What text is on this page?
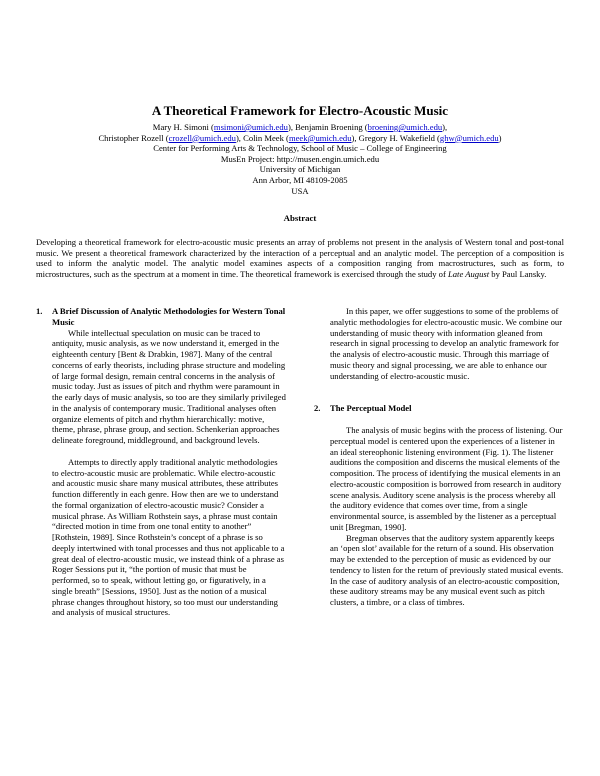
A Theoretical Framework for Electro-Acoustic Music
Mary H. Simoni (msimoni@umich.edu), Benjamin Broening (broening@umich.edu),
Christopher Rozell (crozell@umich.edu), Colin Meek (meek@umich.edu), Gregory H. Wakefield (ghw@umich.edu)
Center for Performing Arts & Technology, School of Music – College of Engineering
MusEn Project: http://musen.engin.umich.edu
University of Michigan
Ann Arbor, MI 48109-2085
USA
Abstract
Developing a theoretical framework for electro-acoustic music presents an array of problems not present in the analysis of Western tonal and post-tonal music. We present a theoretical framework characterized by the interaction of a perceptual and an analytic model. The perception of a composition is used to inform the analytic model. The analytic model examines aspects of a composition ranging from macrostructures, such as form, to microstructures, such as the spectrum at a moment in time. The theoretical framework is exercised through the study of Late August by Paul Lansky.
1.	A Brief Discussion of Analytic Methodologies for Western Tonal Music

While intellectual speculation on music can be traced to antiquity, music analysis, as we now understand it, emerged in the eighteenth century [Bent & Drabkin, 1987]. Many of the central concerns of early theorists, including phrase structure and modeling of large formal design, remain central concerns in the analysis of music today. Just as issues of pitch and rhythm were paramount in the early days of music analysis, so too are they similarly privileged in the analysis of contemporary music. Traditional analyses often organize elements of pitch and rhythm hierarchically: motive, theme, phrase, phrase group, and section. Schenkerian approaches delineate foreground, middleground, and background levels.

Attempts to directly apply traditional analytic methodologies to electro-acoustic music are problematic. While electro-acoustic and acoustic music share many musical attributes, these attributes function differently in each genre. How then are we to understand the formal organization of electro-acoustic music? Consider a musical phrase. As William Rothstein says, a phrase must contain “directed motion in time from one tonal entity to another” [Rothstein, 1989]. Since Rothstein’s concept of a phrase is so deeply intertwined with tonal processes and thus not applicable to a great deal of electro-acoustic music, we instead think of a phrase as Roger Sessions put it, “the portion of music that must be performed, so to speak, without letting go, or figuratively, in a single breath” [Sessions, 1950]. Just as the notion of a musical phrase changes throughout history, so too must our understanding and analysis of musical structures.

In this paper, we offer suggestions to some of the problems of analytic methodologies for electro-acoustic music. We combine our understanding of music theory with information gleaned from research in signal processing to develop an analytic framework for the analysis of electro-acoustic music. Through this marriage of music theory and signal processing, we are able to enhance our understanding of electro-acoustic music.

2.	The Perceptual Model

The analysis of music begins with the process of listening. Our perceptual model is centered upon the experiences of a listener in an ideal stereophonic listening environment (Fig. 1). The listener auditions the composition and discerns the musical elements of the composition. The process of identifying the musical elements in an electro-acoustic composition is borrowed from research in auditory scene analysis. Auditory scene analysis is the process whereby all the auditory evidence that comes over time, from a single environmental source, is assembled by the listener as a perceptual unit [Bregman, 1990].

Bregman observes that the auditory system apparently keeps an ‘open slot’ available for the return of a sound. His observation may be extended to the perception of music as evidenced by our tendency to listen for the return of previously stated musical events. In the case of auditory analysis of an electro-acoustic composition, these auditory streams may be any musical event such as pitch clusters, a timbre, or a class of timbres.
